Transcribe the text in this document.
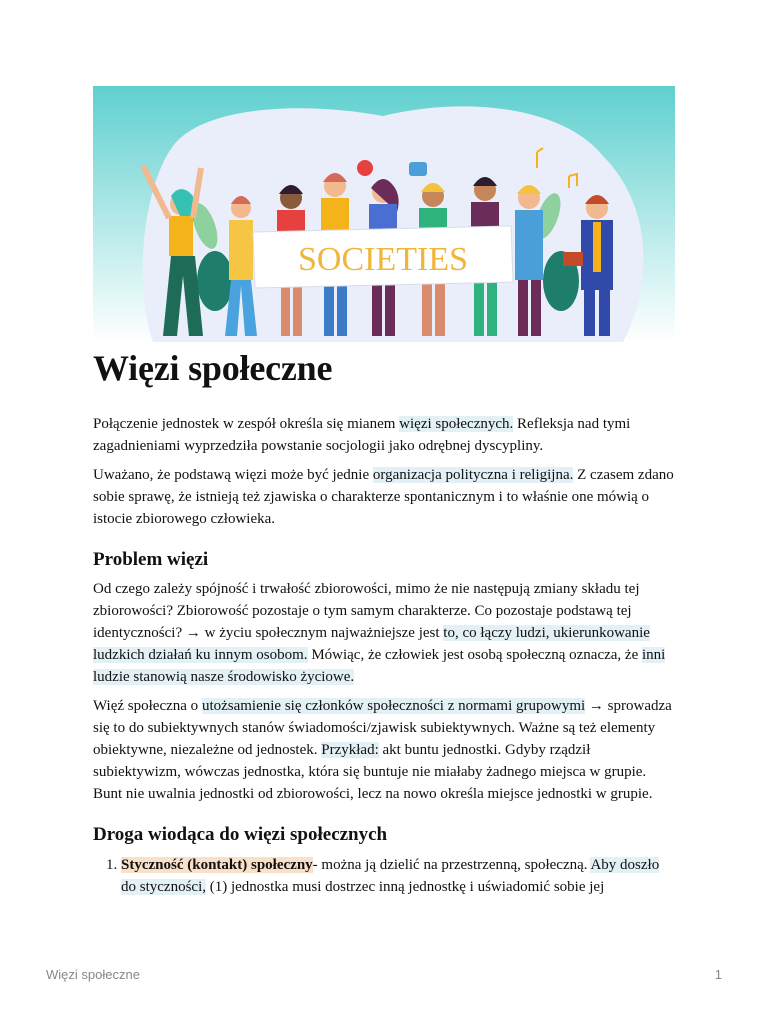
SOCIETIES
Więzi społeczne

Połączenie jednostek w zespół określa się mianem więzi społecznych. Refleksja nad tymi zagadnieniami wyprzedziła powstanie socjologii jako odrębnej dyscypliny.

Uważano, że podstawą więzi może być jednie organizacja polityczna i religijna. Z czasem zdano sobie sprawę, że istnieją też zjawiska o charakterze spontanicznym i to właśnie one mówią o istocie zbiorowego człowieka.

Problem więzi

Od czego zależy spójność i trwałość zbiorowości, mimo że nie następują zmiany składu tej zbiorowości? Zbiorowość pozostaje o tym samym charakterze. Co pozostaje podstawą tej identyczności? → w życiu społecznym najważniejsze jest to, co łączy ludzi, ukierunkowanie ludzkich działań ku innym osobom. Mówiąc, że człowiek jest osobą społeczną oznacza, że inni ludzie stanowią nasze środowisko życiowe.

Więź społeczna o utożsamienie się członków społeczności z normami grupowymi → sprowadza się to do subiektywnych stanów świadomości/zjawisk subiektywnych. Ważne są też elementy obiektywne, niezależne od jednostek. Przykład: akt buntu jednostki. Gdyby rządził subiektywizm, wówczas jednostka, która się buntuje nie miałaby żadnego miejsca w grupie. Bunt nie uwalnia jednostki od zbiorowości, lecz na nowo określa miejsce jednostki w grupie.

Droga wiodąca do więzi społecznych
1. Styczność (kontakt) społeczny- można ją dzielić na przestrzenną, społeczną. Aby doszło do styczności, (1) jednostka musi dostrzec inną jednostkę i uświadomić sobie jej
Więzi społeczne	1
